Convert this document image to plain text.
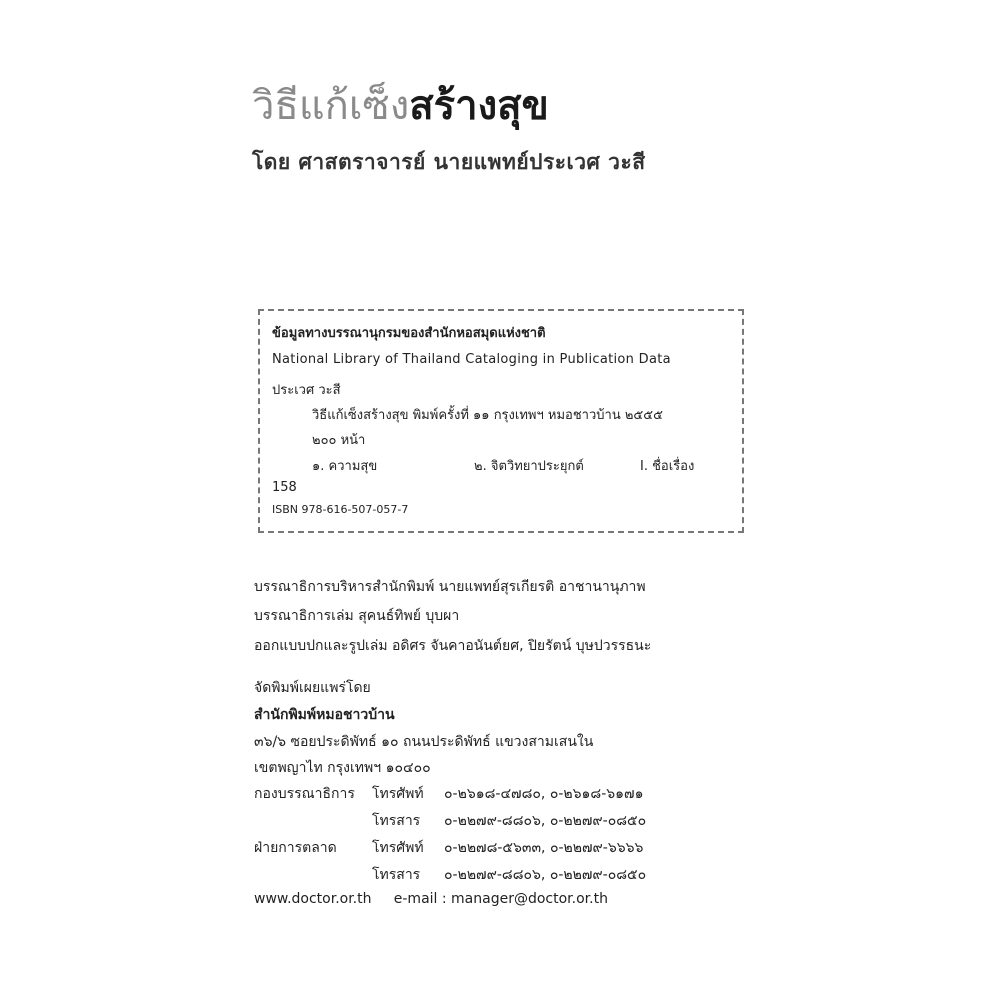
วิธีแก้เซ็งสร้างสุข
โดย ศาสตราจารย์ นายแพทย์ประเวศ วะสี
ข้อมูลทางบรรณานุกรมของสำนักหอสมุดแห่งชาติ
National Library of Thailand Cataloging in Publication Data
ประเวศ วะสี
วิธีแก้เซ็งสร้างสุข พิมพ์ครั้งที่ ๑๑ กรุงเทพฯ หมอชาวบ้าน ๒๕๕๕
๒๐๐ หน้า
๑. ความสุข	๒. จิตวิทยาประยุกต์	I. ชื่อเรื่อง
158
ISBN 978-616-507-057-7
บรรณาธิการบริหารสำนักพิมพ์ นายแพทย์สุรเกียรติ อาชานานุภาพ
บรรณาธิการเล่ม สุคนธ์ทิพย์ บุบผา
ออกแบบปกและรูปเล่ม อดิศร จันคาอนันต์ยศ, ปิยรัตน์ บุษปวรรธนะ
จัดพิมพ์เผยแพร่โดย
สำนักพิมพ์หมอชาวบ้าน
๓๖/๖ ซอยประดิพัทธ์ ๑๐ ถนนประดิพัทธ์ แขวงสามเสนใน
เขตพญาไท กรุงเทพฯ ๑๐๔๐๐
กองบรรณาธิการ โทรศัพท์ ๐-๒๖๑๘-๔๗๘๐, ๐-๒๖๑๘-๖๑๗๑
โทรสาร ๐-๒๒๗๙-๘๘๐๖, ๐-๒๒๗๙-๐๘๕๐
ฝ่ายการตลาด	โทรศัพท์ ๐-๒๒๗๘-๕๖๓๓, ๐-๒๒๗๙-๖๖๖๖
โทรสาร ๐-๒๒๗๙-๘๘๐๖, ๐-๒๒๗๙-๐๘๕๐
www.doctor.or.th e-mail : manager@doctor.or.th
